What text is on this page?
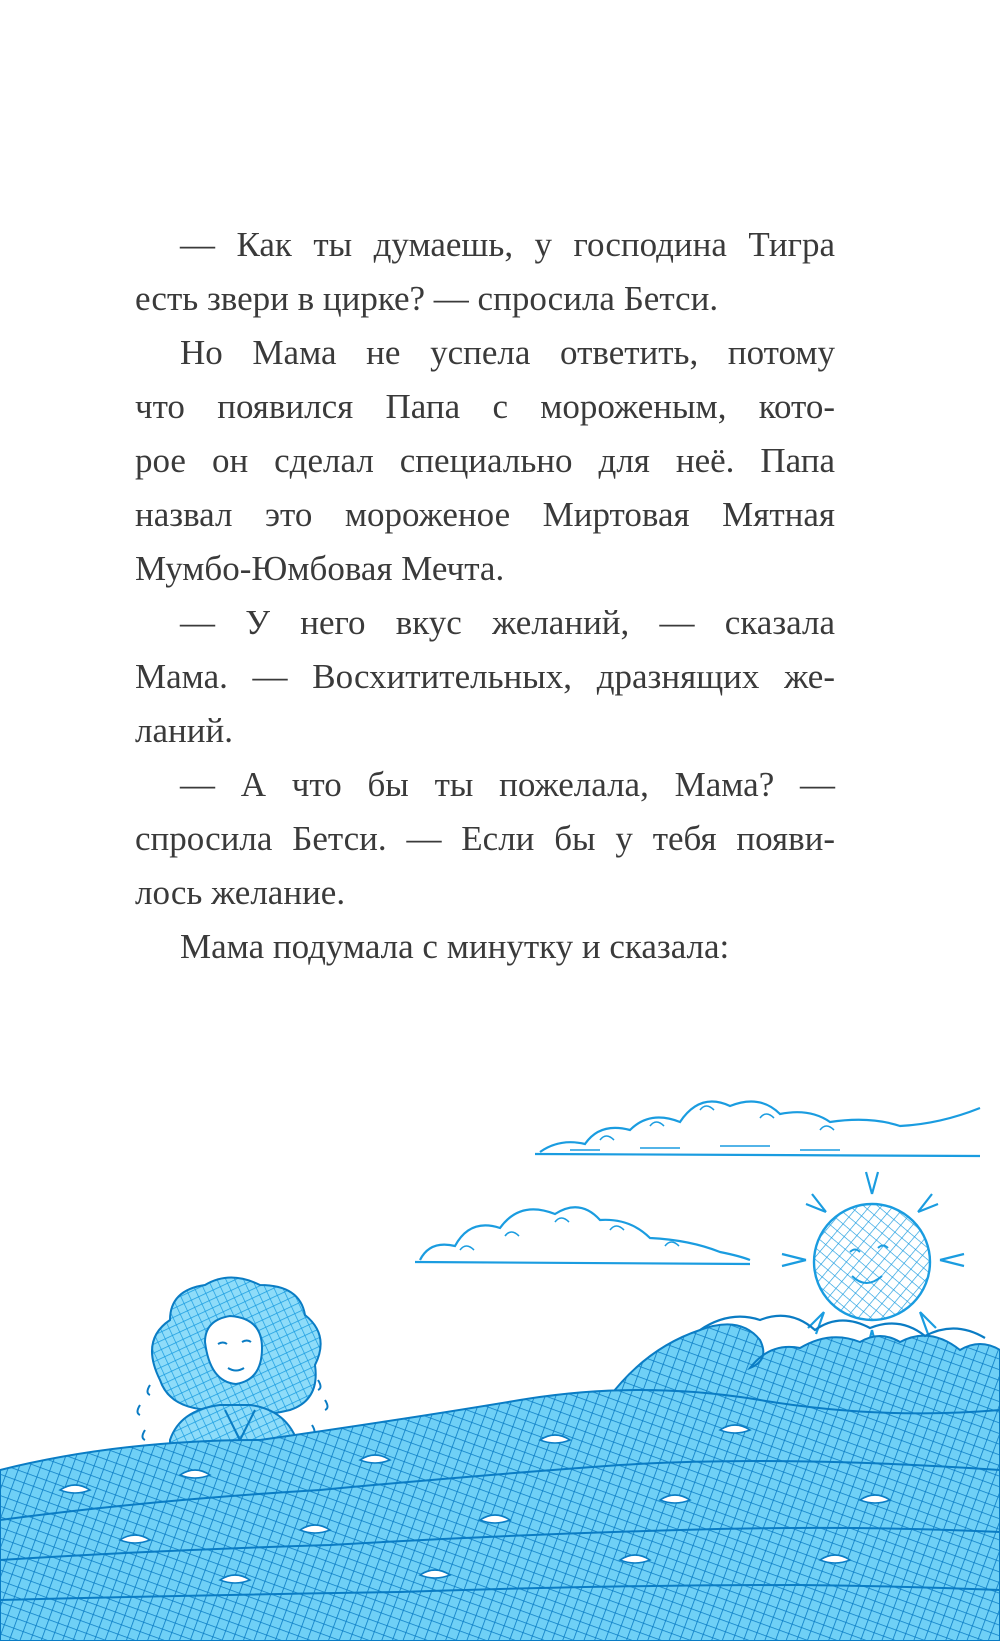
— Как ты думаешь, у господина Тигра
есть звери в цирке? — спросила Бетси.

Но Мама не успела ответить, потому
что появился Папа с мороженым, кото-
рое он сделал специально для неё. Папа
назвал это мороженое Миртовая Мятная
Мумбо-Юмбовая Мечта.

— У него вкус желаний, — сказала
Мама. — Восхитительных, дразнящих же-
ланий.

— А что бы ты пожелала, Мама? —
спросила Бетси. — Если бы у тебя появи-
лось желание.

Мама подумала с минутку и сказала:
